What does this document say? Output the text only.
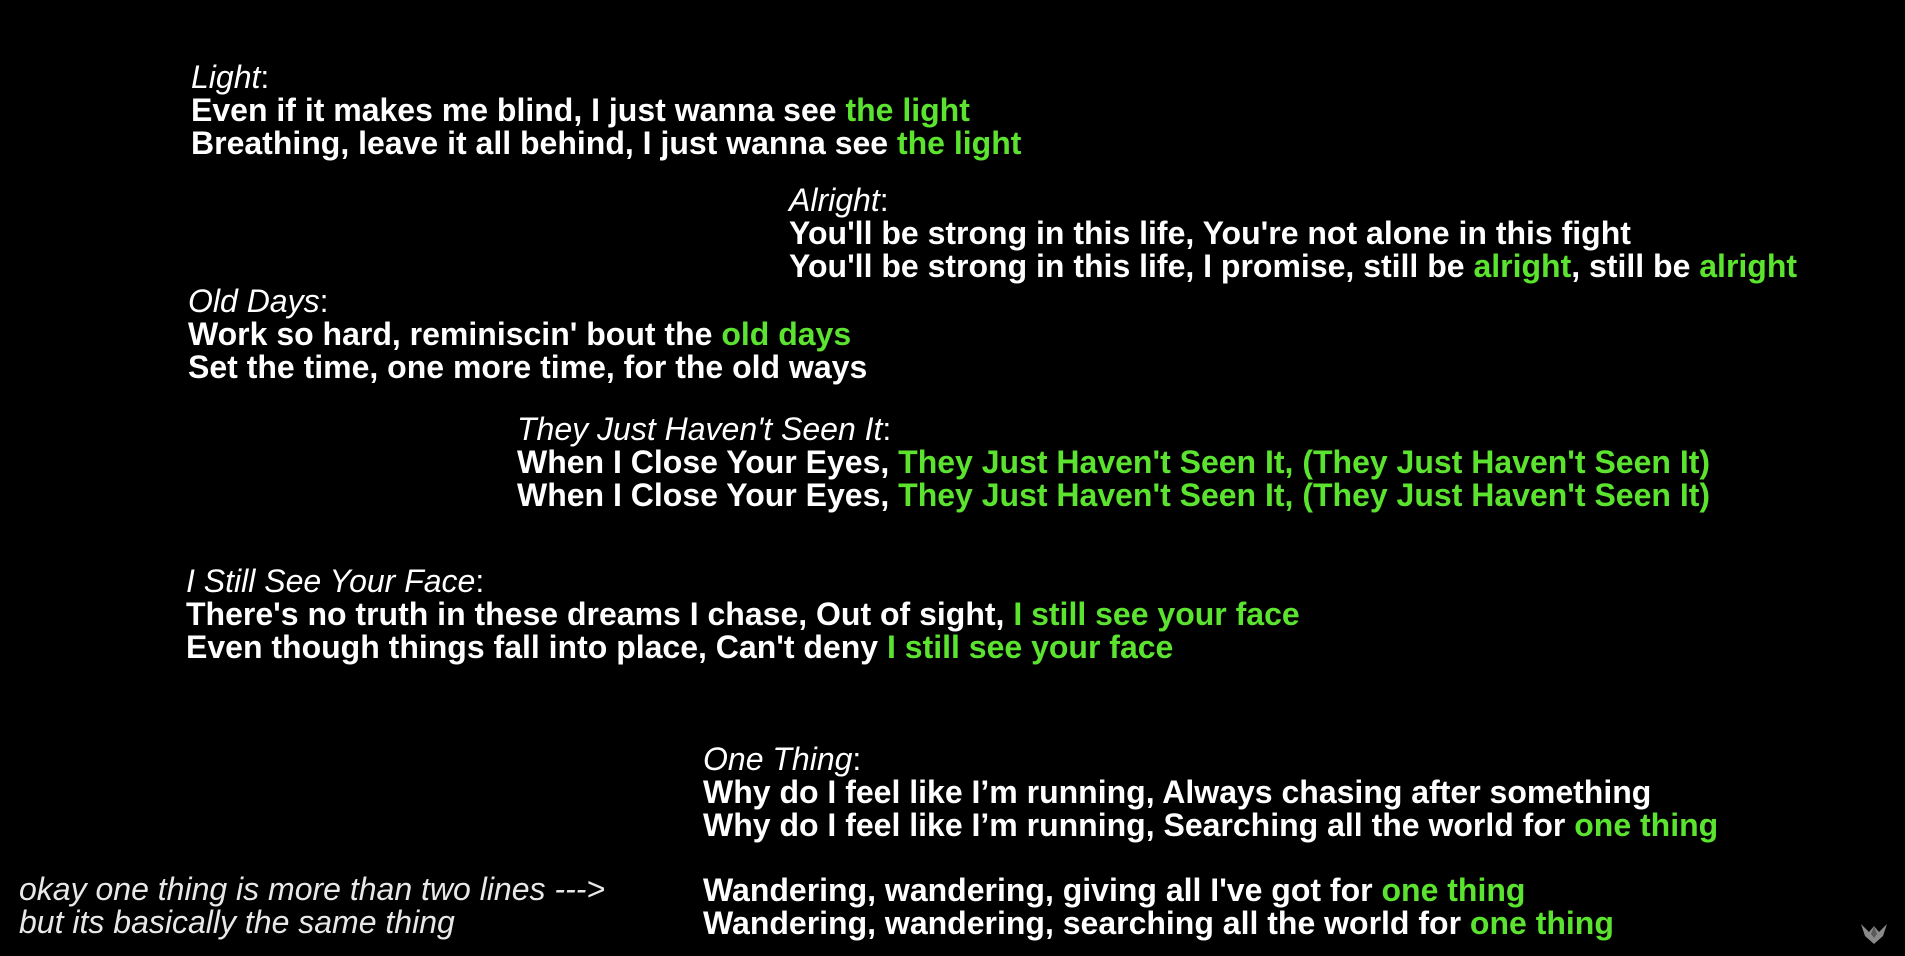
Light:
Even if it makes me blind, I just wanna see the light
Breathing, leave it all behind, I just wanna see the light
Alright:
You'll be strong in this life, You're not alone in this fight
You'll be strong in this life, I promise, still be alright, still be alright
Old Days:
Work so hard, reminiscin' bout the old days
Set the time, one more time, for the old ways
They Just Haven't Seen It:
When I Close Your Eyes, They Just Haven't Seen It, (They Just Haven't Seen It)
When I Close Your Eyes, They Just Haven't Seen It, (They Just Haven't Seen It)
I Still See Your Face:
There's no truth in these dreams I chase, Out of sight, I still see your face
Even though things fall into place, Can't deny I still see your face
One Thing:
Why do I feel like I’m running, Always chasing after something
Why do I feel like I’m running, Searching all the world for one thing
Wandering, wandering, giving all I've got for one thing
Wandering, wandering, searching all the world for one thing
okay one thing is more than two lines --->
but its basically the same thing
